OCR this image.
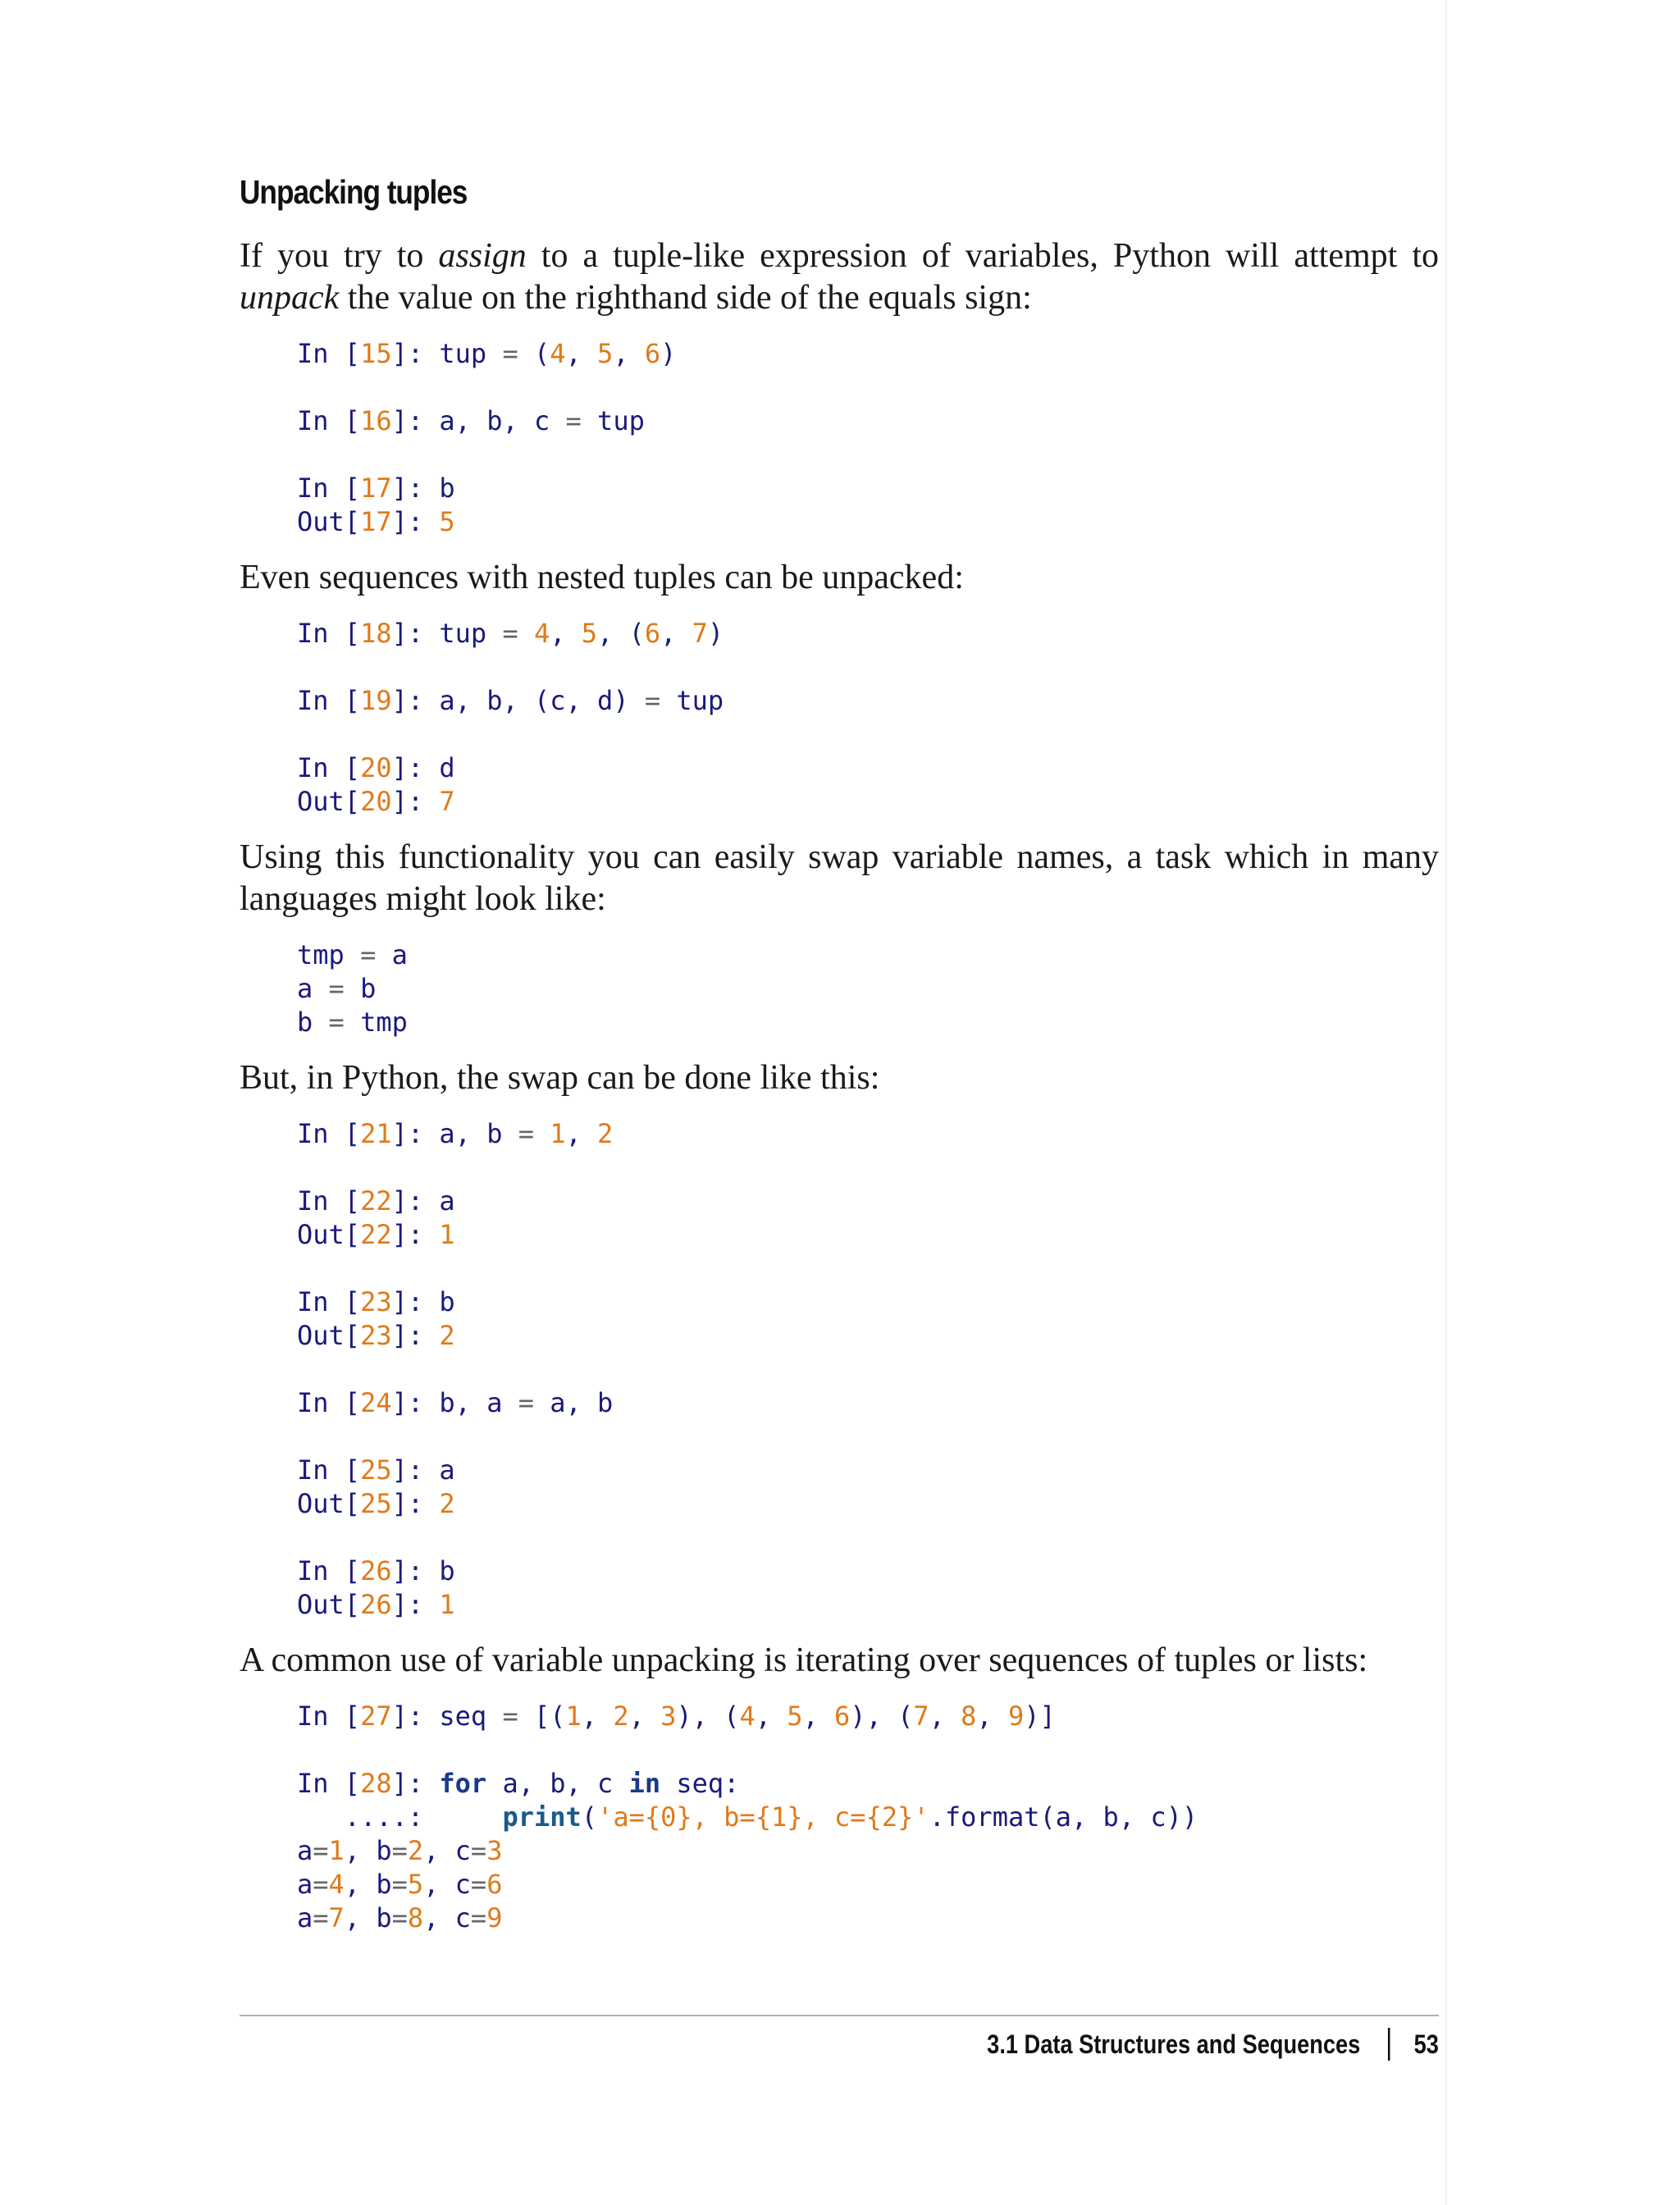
Unpacking tuples

If you try to assign to a tuple-like expression of variables, Python will attempt to unpack the value on the righthand side of the equals sign:

In [15]: tup = (4, 5, 6)
In [16]: a, b, c = tup
In [17]: b
Out[17]: 5

Even sequences with nested tuples can be unpacked:

In [18]: tup = 4, 5, (6, 7)
In [19]: a, b, (c, d) = tup
In [20]: d
Out[20]: 7

Using this functionality you can easily swap variable names, a task which in many languages might look like:

tmp = a
a = b
b = tmp

But, in Python, the swap can be done like this:

In [21]: a, b = 1, 2
In [22]: a
Out[22]: 1
In [23]: b
Out[23]: 2
In [24]: b, a = a, b
In [25]: a
Out[25]: 2
In [26]: b
Out[26]: 1

A common use of variable unpacking is iterating over sequences of tuples or lists:

In [27]: seq = [(1, 2, 3), (4, 5, 6), (7, 8, 9)]
In [28]: for a, b, c in seq:
....:     print('a={0}, b={1}, c={2}'.format(a, b, c))
a=1, b=2, c=3
a=4, b=5, c=6
a=7, b=8, c=9
3.1 Data Structures and Sequences 53
